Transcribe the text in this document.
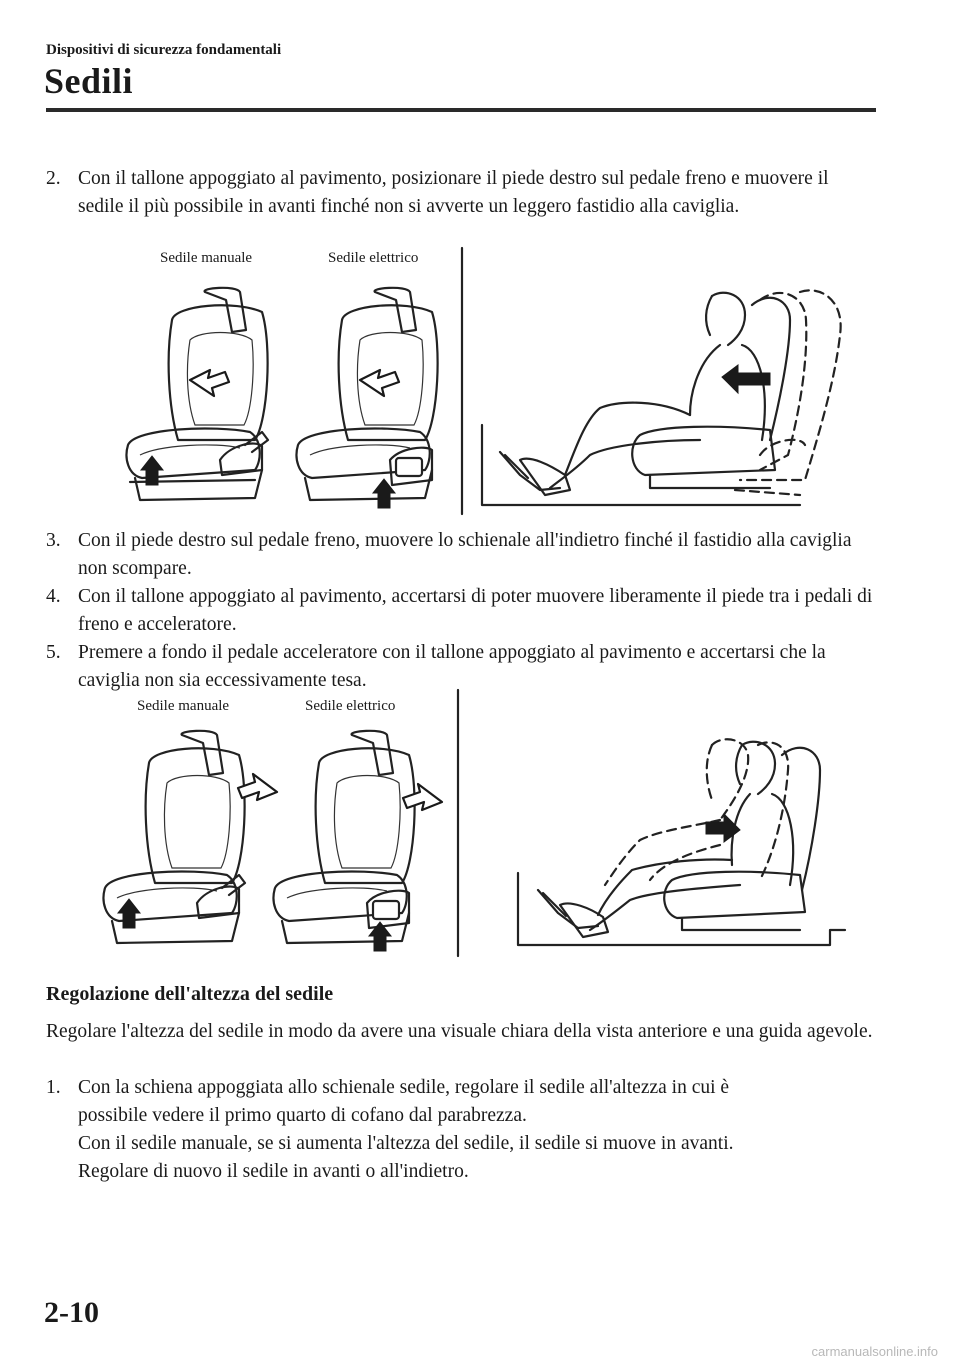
Dispositivi di sicurezza fondamentali
Sedili
2. Con il tallone appoggiato al pavimento, posizionare il piede destro sul pedale freno e muovere il sedile il più possibile in avanti finché non si avverte un leggero fastidio alla caviglia.
Sedile manuale	Sedile elettrico
3. Con il piede destro sul pedale freno, muovere lo schienale all'indietro finché il fastidio alla caviglia non scompare.
4. Con il tallone appoggiato al pavimento, accertarsi di poter muovere liberamente il piede tra i pedali di freno e acceleratore.
5. Premere a fondo il pedale acceleratore con il tallone appoggiato al pavimento e accertarsi che la caviglia non sia eccessivamente tesa.
Sedile manuale	Sedile elettrico
Regolazione dell'altezza del sedile
Regolare l'altezza del sedile in modo da avere una visuale chiara della vista anteriore e una guida agevole.
1. Con la schiena appoggiata allo schienale sedile, regolare il sedile all'altezza in cui è
possibile vedere il primo quarto di cofano dal parabrezza.
Con il sedile manuale, se si aumenta l'altezza del sedile, il sedile si muove in avanti.
Regolare di nuovo il sedile in avanti o all'indietro.
2-10
carmanualsonline.info
